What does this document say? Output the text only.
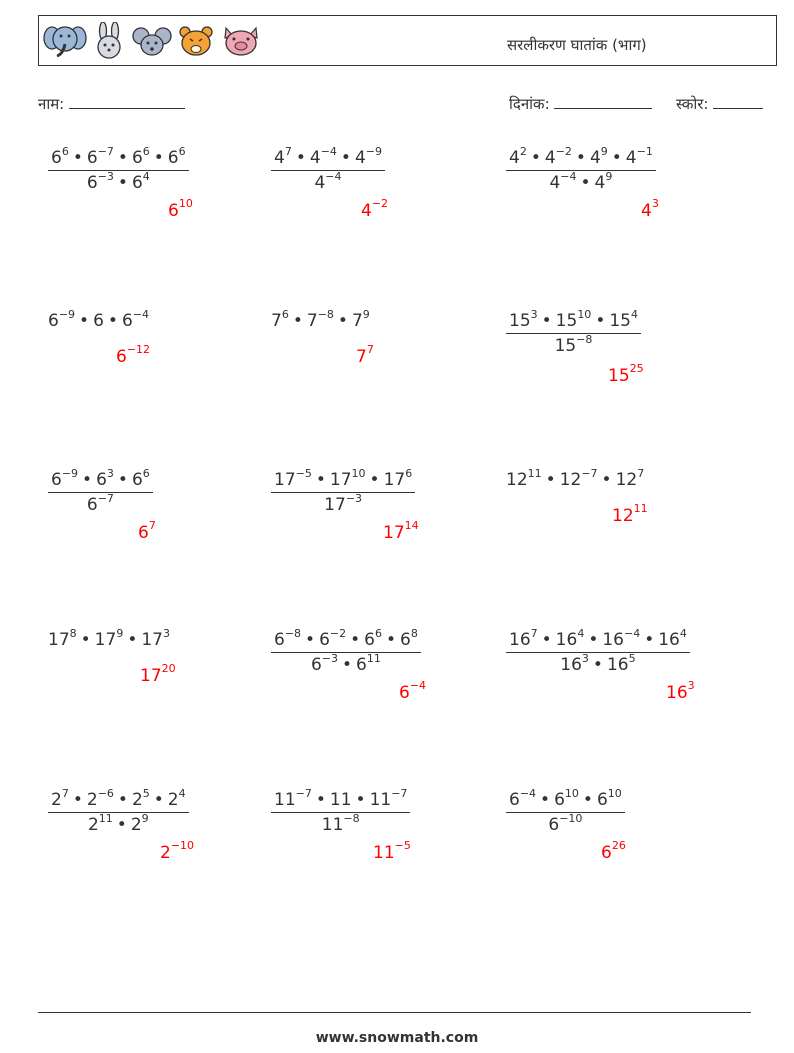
सरलीकरण घातांक (भाग)
नाम:	दिनांक:	स्कोर:
$\frac{6^6 • 6^{-7} • 6^6 • 6^6}{6^{-3} • 6^4}$
$6^{10}$
$\frac{4^7 • 4^{-4} • 4^{-9}}{4^{-4}}$
$4^{-2}$
$\frac{4^2 • 4^{-2} • 4^9 • 4^{-1}}{4^{-4} • 4^9}$
$4^3$
$6^{-9}$ • 6 • $6^{-4}$
$6^{-12}$
$7^6$ • $7^{-8}$ • $7^9$
$7^7$	$\frac{15^3 • 15^{10} • 15^4}{15^{-8}}$
$15^{25}$
$\frac{6^{-9} • 6^3 • 6^6}{6^{-7}}$
$6^7$
$\frac{17^{-5} • 17^{10} • 17^6}{17^{-3}}$
$17^{14}$
$12^{11}$ • $12^{-7}$ • $12^7$
$12^{11}$
$17^8$ • $17^9$ • $17^3$
$17^{20}$	$\frac{6^{-8} • 6^{-2} • 6^6 • 6^8}{6^{-3} • 6^{11}}$
$6^{-4}$
$\frac{16^7 • 16^4 • 16^{-4} • 16^4}{16^3 • 16^5}$
$16^3$
$\frac{2^7 • 2^{-6} • 2^5 • 2^4}{2^{11} • 2^9}$
$2^{-10}$
$\frac{11^{-7} • 11 • 11^{-7}}{11^{-8}}$
$11^{-5}$
$\frac{6^{-4} • 6^{10} • 6^{10}}{6^{-10}}$
$6^{26}$
www.snowmath.com
